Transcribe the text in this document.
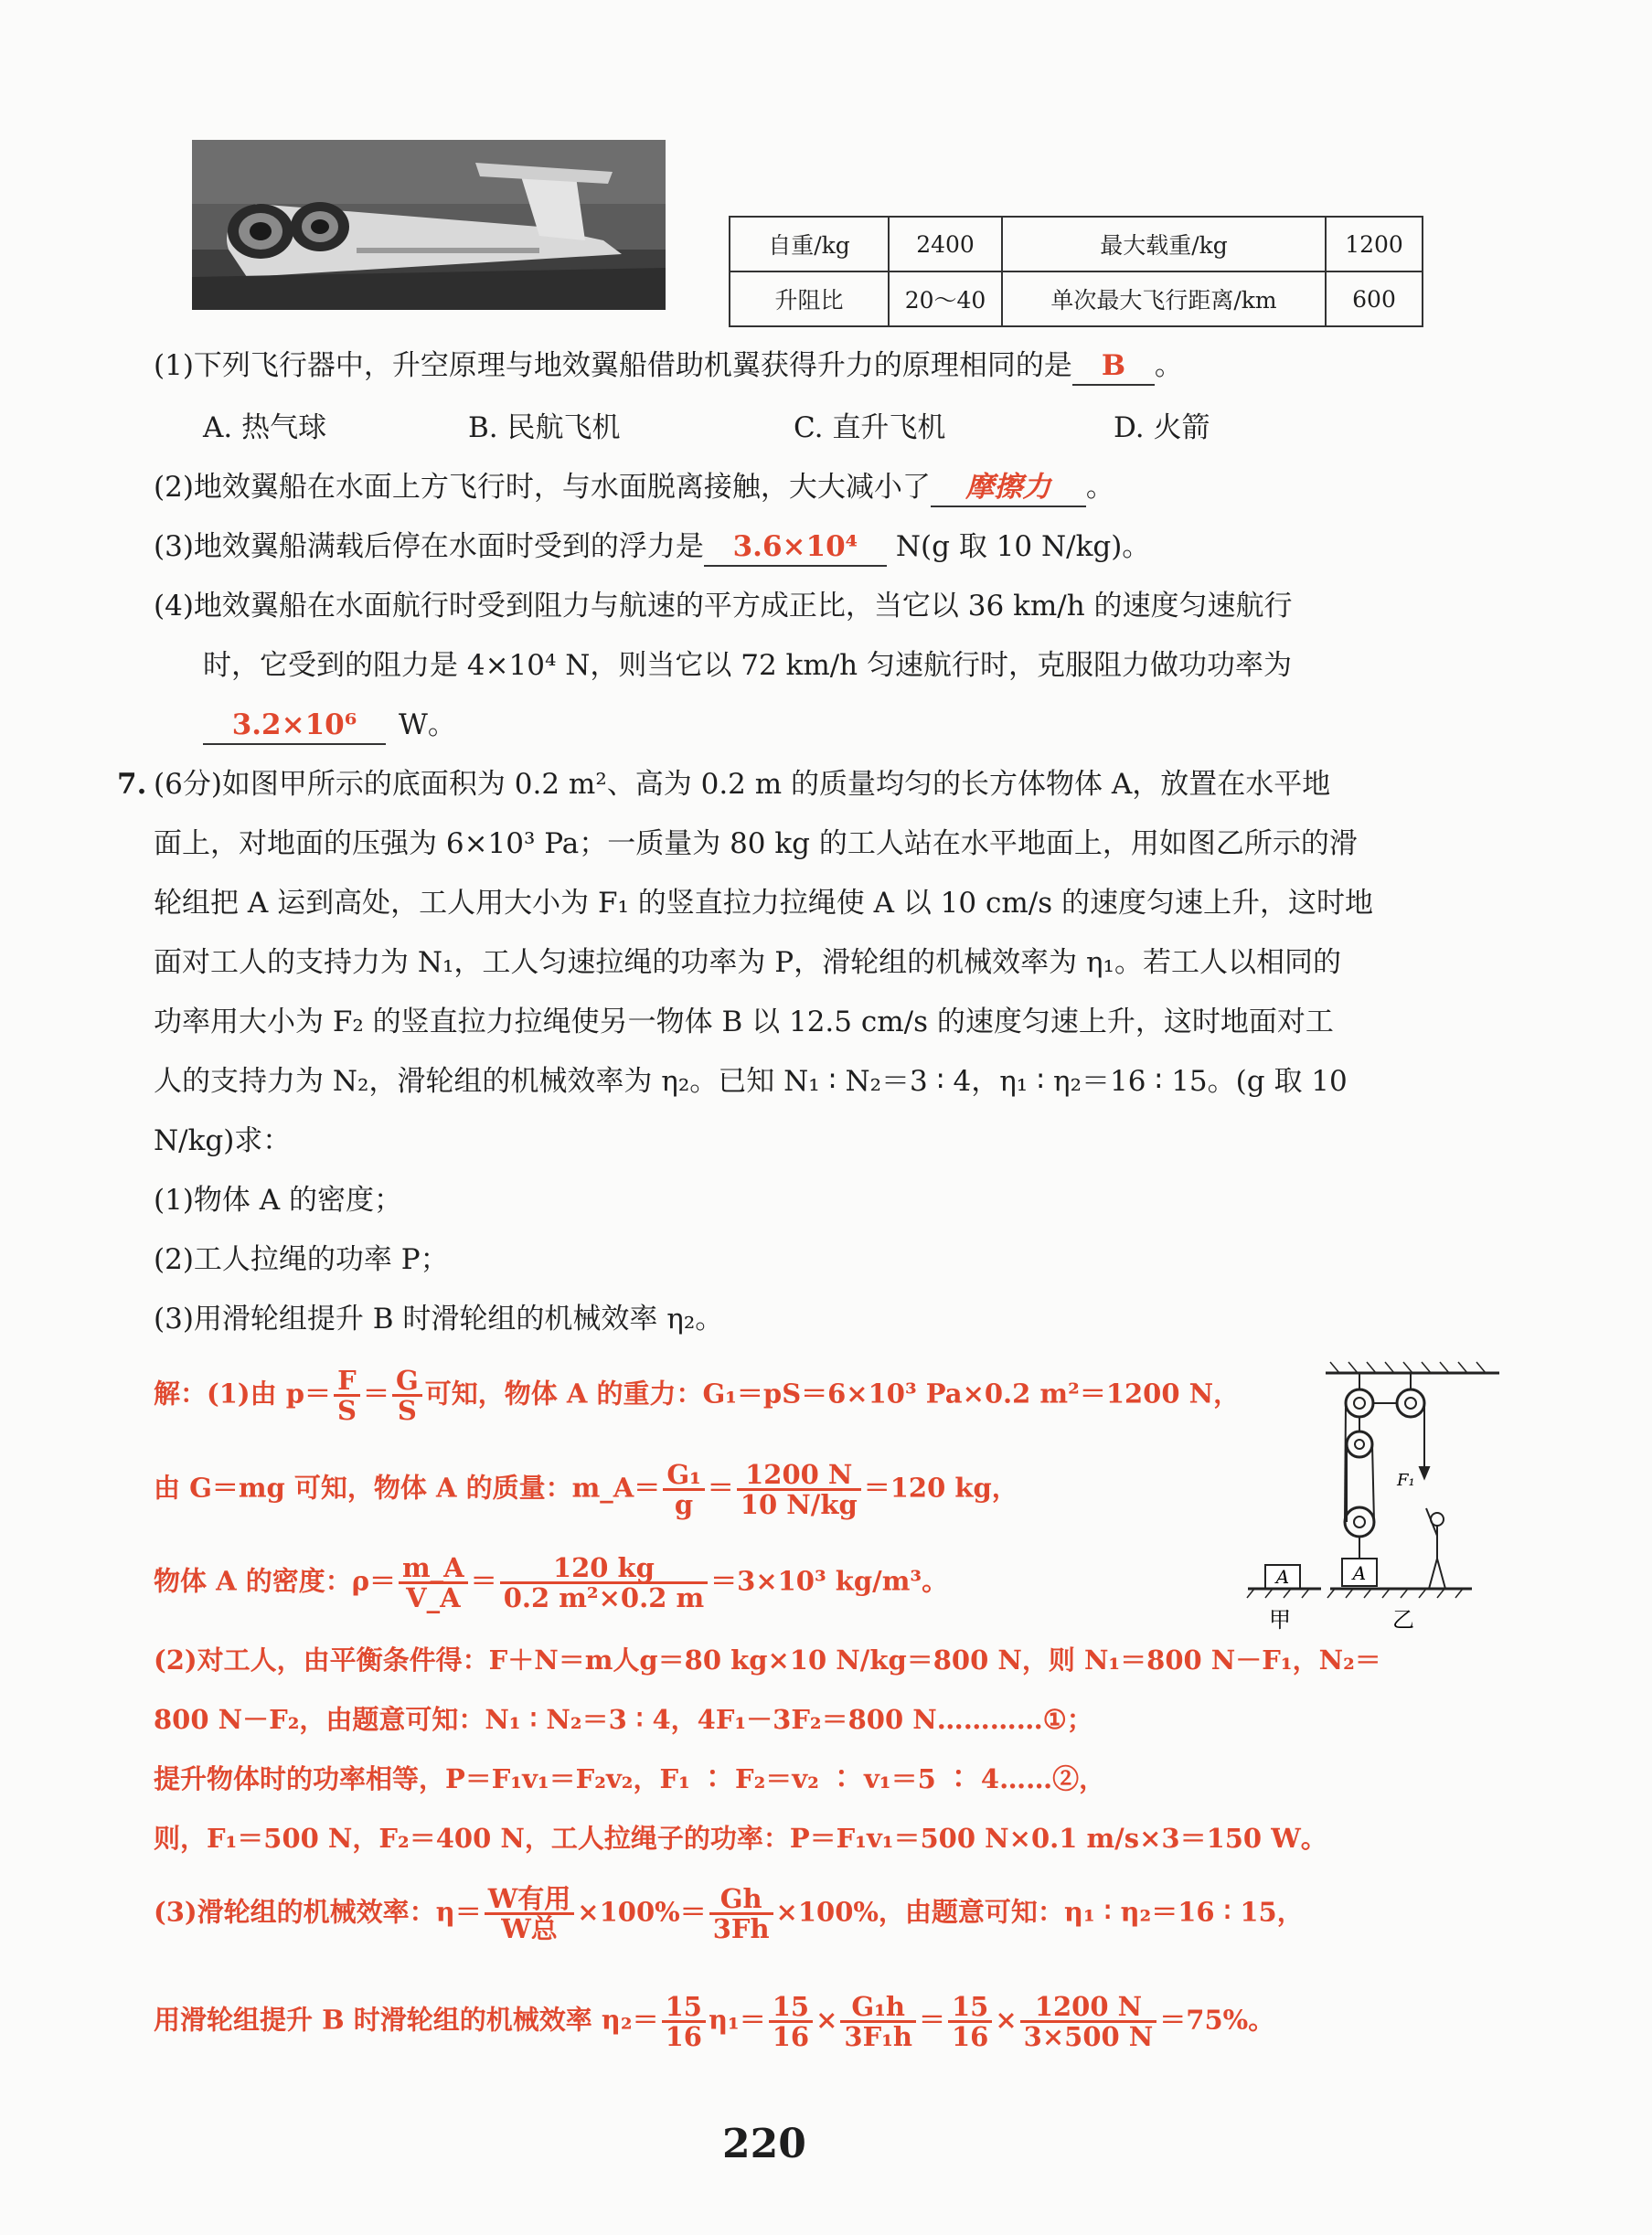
自重/kg	2400	最大载重/kg	1200
升阻比	20～40	单次最大飞行距离/km	600
(1)下列飞行器中，升空原理与地效翼船借助机翼获得升力的原理相同的是 B 。
A. 热气球	B. 民航飞机	C. 直升飞机	D. 火箭
(2)地效翼船在水面上方飞行时，与水面脱离接触，大大减小了 摩擦力 。
(3)地效翼船满载后停在水面时受到的浮力是 3.6×10⁴ N(g 取 10 N/kg)。
(4)地效翼船在水面航行时受到阻力与航速的平方成正比，当它以 36 km/h 的速度匀速航行
时，它受到的阻力是 4×10⁴ N，则当它以 72 km/h 匀速航行时，克服阻力做功功率为
3.2×10⁶ W。
7. (6分)如图甲所示的底面积为 0.2 m²、高为 0.2 m 的质量均匀的长方体物体 A，放置在水平地
面上，对地面的压强为 6×10³ Pa；一质量为 80 kg 的工人站在水平地面上，用如图乙所示的滑
轮组把 A 运到高处，工人用大小为 F₁ 的竖直拉力拉绳使 A 以 10 cm/s 的速度匀速上升，这时地
面对工人的支持力为 N₁，工人匀速拉绳的功率为 P，滑轮组的机械效率为 η₁。若工人以相同的
功率用大小为 F₂ 的竖直拉力拉绳使另一物体 B 以 12.5 cm/s 的速度匀速上升，这时地面对工
人的支持力为 N₂，滑轮组的机械效率为 η₂。已知 N₁ ∶ N₂＝3 ∶ 4，η₁ ∶ η₂＝16 ∶ 15。(g 取 10
N/kg)求：
(1)物体 A 的密度；
(2)工人拉绳的功率 P；
(3)用滑轮组提升 B 时滑轮组的机械效率 η₂。
解：(1)由 $p= \frac{F}{S} = \frac{G}{S}$ 可知，物体 A 的重力：G₁＝pS＝6×10³ Pa×0.2 m²＝1200 N，
由 G＝mg 可知，物体 A 的质量：m_A＝ $\frac{\text{G₁}}{g} = \frac{1200 N}{10 N/kg} =120$ kg，
物体 A 的密度：$\rho= \frac{m\_A}{V\_A} = \frac{120 kg}{\text{0.2 m²×0.2 m}} =3\times 10^3$ kg/m³。
(2)对工人，由平衡条件得：F＋N＝m人g＝80 kg×10 N/kg＝800 N，则 N₁＝800 N－F₁，N₂＝
800 N－F₂，由题意可知：N₁ ∶ N₂＝3 ∶ 4，4F₁－3F₂＝800 N…………①；
提升物体时的功率相等，P＝F₁v₁＝F₂v₂，F₁ ∶ F₂＝v₂ ∶ v₁＝5 ∶ 4……②，
则，F₁＝500 N，F₂＝400 N，工人拉绳子的功率：P＝F₁v₁＝500 N×0.1 m/s×3＝150 W。
(3)滑轮组的机械效率：$\eta= \frac{\text{W有用}}{\text{W总}} \times 100\%= \frac{Gh}{3Fh} \times 100\%$，由题意可知：η₁ ∶ η₂＝16 ∶ 15，
用滑轮组提升 B 时滑轮组的机械效率 $\eta_2= \frac{15}{16} \eta_1= \frac{15}{16} \times \frac{\text{G₁h}}{\text{3F₁h}} = \frac{15}{16} \times \frac{1200 N}{3\times 500 N} =75\%$。
A
F₁
A
甲	乙
220
